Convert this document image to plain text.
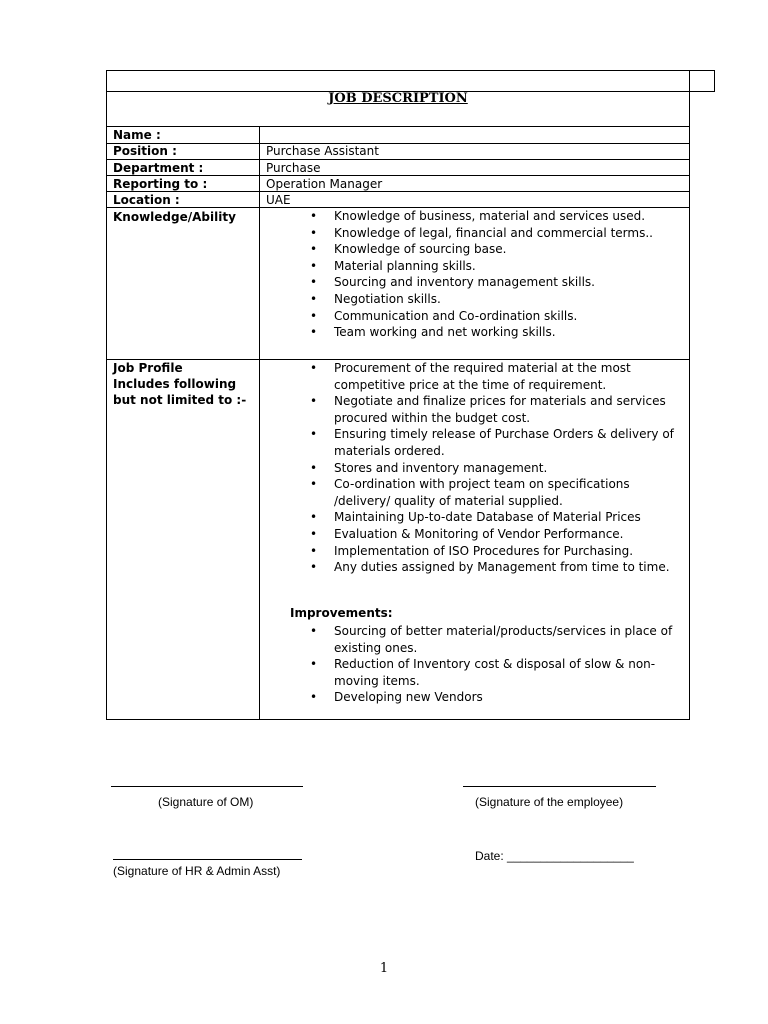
JOB DESCRIPTION
Name :
Position :	Purchase Assistant
Department :	Purchase
Reporting to :	Operation Manager
Location :	UAE
Knowledge/Ability
•	Knowledge of business, material and services used.
• Knowledge of legal, financial and commercial terms..
• Knowledge of sourcing base.
• Material planning skills.
• Sourcing and inventory management skills.
• Negotiation skills.
• Communication and Co-ordination skills.
• Team working and net working skills.
Job Profile
Includes following
but not limited to :-
• Procurement of the required material at the most competitive price at the time of requirement.
• Negotiate and finalize prices for materials and services procured within the budget cost.
• Ensuring timely release of Purchase Orders & delivery of materials ordered.
• Stores and inventory management.
• Co-ordination with project team on specifications /delivery/ quality of material supplied.
• Maintaining Up-to-date Database of Material Prices
• Evaluation & Monitoring of Vendor Performance.
• Implementation of ISO Procedures for Purchasing.
• Any duties assigned by Management from time to time.
Improvements:
• Sourcing of better material/products/services in place of existing ones.
• Reduction of Inventory cost & disposal of slow & non-moving items.
• Developing new Vendors
(Signature of OM)	(Signature of the employee)
(Signature of HR & Admin Asst)
Date: ___________________
1
